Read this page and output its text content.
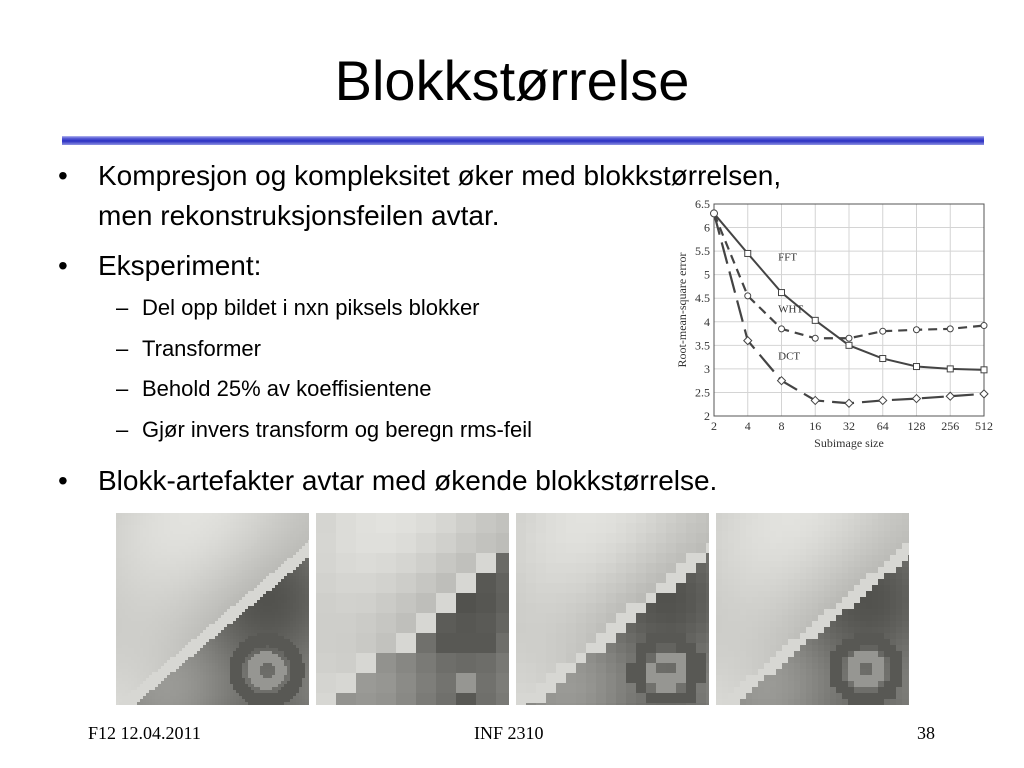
Blokkstørrelse
• Kompresjon og kompleksitet øker med blokkstørrelsen,
men rekonstruksjonsfeilen avtar.
• Eksperiment:
– Del opp bildet i nxn piksels blokker
– Transformer
– Behold 25% av koeffisientene
– Gjør invers transform og beregn rms-feil
• Blokk-artefakter avtar med økende blokkstørrelse.
2
2.5
3
3.5
4
4.5
5
5.5
6
6.5
2 4 8 16 32 64 128 256 512
Subimage size
Root-mean-square error	FFT
WHT
DCT
F12 12.04.2011	INF 2310	38
